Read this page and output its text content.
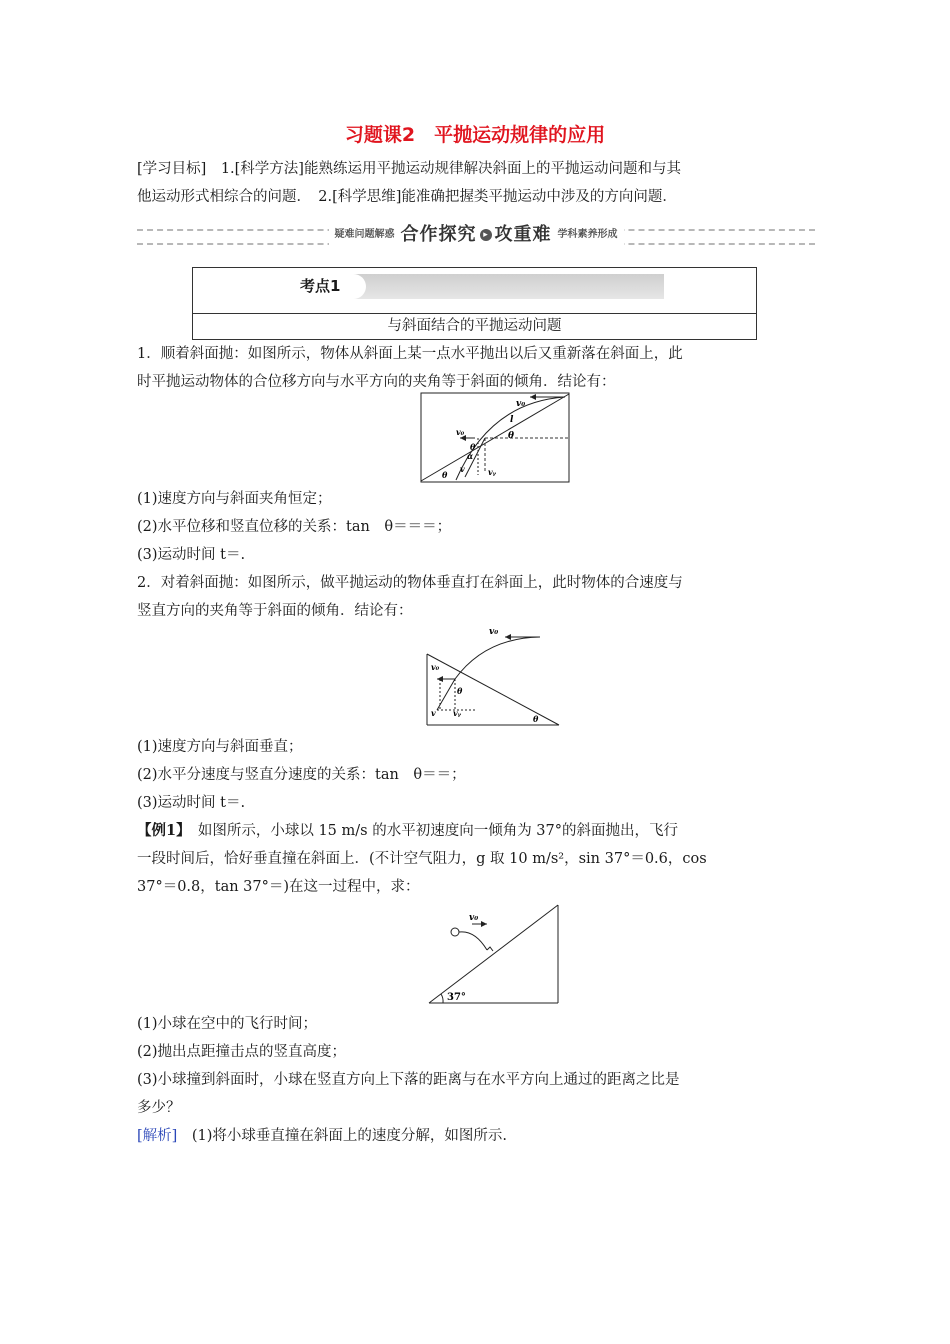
习题课2　平抛运动规律的应用

[学习目标]　1.[科学方法]能熟练运用平抛运动规律解决斜面上的平抛运动问题和与其

他运动形式相综合的问题．　2.[科学思维]能准确把握类平抛运动中涉及的方向问题．

疑难问题解惑 合作探究 ▸ 攻重难 学科素养形成
考点1
与斜面结合的平抛运动问题

1．顺着斜面抛：如图所示，物体从斜面上某一点水平抛出以后又重新落在斜面上，此

时平抛运动物体的合位移方向与水平方向的夹角等于斜面的倾角．结论有：

v₀
l
θ
v₀
θ
α
v	vᵧ
θ

(1)速度方向与斜面夹角恒定；

(2)水平位移和竖直位移的关系：tan　θ＝＝＝；

(3)运动时间 t＝.

2．对着斜面抛：如图所示，做平抛运动的物体垂直打在斜面上，此时物体的合速度与

竖直方向的夹角等于斜面的倾角．结论有：

v₀
v₀
θ
v vᵧ
θ

(1)速度方向与斜面垂直；

(2)水平分速度与竖直分速度的关系：tan　θ＝＝；

(3)运动时间 t＝.

【例1】　如图所示，小球以 15 m/s 的水平初速度向一倾角为 37°的斜面抛出，飞行

一段时间后，恰好垂直撞在斜面上．(不计空气阻力，g 取 10 m/s²，sin 37°＝0.6，cos

37°＝0.8，tan 37°＝)在这一过程中，求：

v₀
37°

(1)小球在空中的飞行时间；

(2)抛出点距撞击点的竖直高度；

(3)小球撞到斜面时，小球在竖直方向上下落的距离与在水平方向上通过的距离之比是

多少？

[解析]　(1)将小球垂直撞在斜面上的速度分解，如图所示.
